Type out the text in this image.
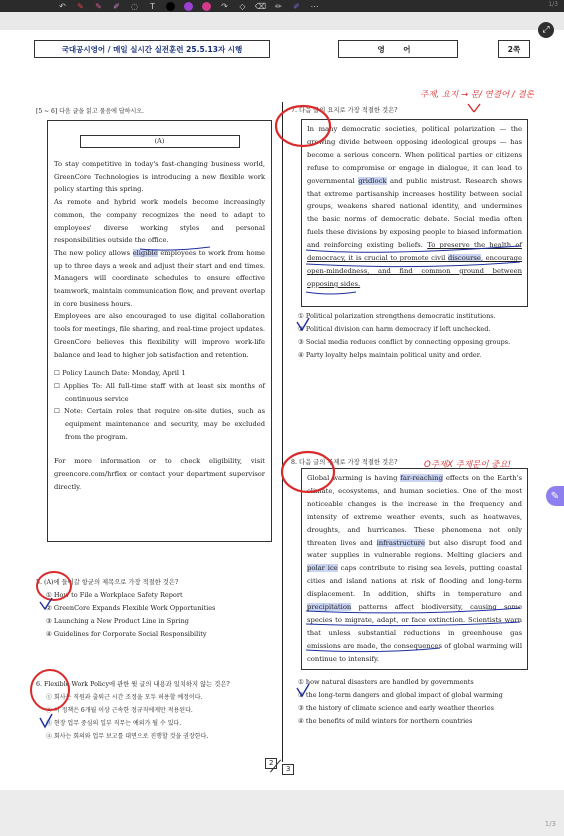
↶ ✎ ✎ ✐ ◌ T	↷ ◇ ⌫ ✏ ✐ ⋯	1/3
⤢
국대공시영어 / 매일 실시간 실전훈련 25.5.13자 시행	영 어	2쪽
[5 ~ 6] 다음 글을 읽고 물음에 답하시오.
(A)

To stay competitive in today's fast-changing business world, GreenCore Technologies is introducing a new flexible work policy starting this spring.

As remote and hybrid work models become increasingly common, the company recognizes the need to adapt to employees' diverse working styles and personal responsibilities outside the office.

The new policy allows eligible employees to work from home up to three days a week and adjust their start and end times. Managers will coordinate schedules to ensure effective teamwork, maintain communication flow, and prevent overlap in core business hours.

Employees are also encouraged to use digital collaboration tools for meetings, file sharing, and real-time project updates. GreenCore believes this flexibility will improve work-life balance and lead to higher job satisfaction and retention.

☐ Policy Launch Date: Monday, April 1
☐ Applies To: All full-time staff with at least six months of continuous service
☐ Note: Certain roles that require on-site duties, such as equipment maintenance and security, may be excluded from the program.

For more information or to check eligibility, visit greencore.com/hrflex or contact your department supervisor directly.

5. (A)에 들어갈 항균의 제목으로 가장 적절한 것은?
① How to File a Workplace Safety Report
② GreenCore Expands Flexible Work Opportunities
③ Launching a New Product Line in Spring
④ Guidelines for Corporate Social Responsibility
6. Flexible Work Policy에 관한 윗 글의 내용과 일치하지 않는 것은?
① 회사는 직원과 출퇴근 시간 조정을 모두 허용할 예정이다.
② 이 정책은 6개월 이상 근속한 정규직에게만 적용된다.
③ 현장 업무 중심의 일부 직무는 예외가 될 수 있다.
④ 회사는 회의와 업무 보고를 대면으로 진행할 것을 권장한다.
7. 다음 글의 요지로 가장 적절한 것은?
In many democratic societies, political polarization — the growing divide between opposing ideological groups — has become a serious concern. When political parties or citizens refuse to compromise or engage in dialogue, it can lead to governmental gridlock and public mistrust. Research shows that extreme partisanship increases hostility between social groups, weakens shared national identity, and undermines the basic norms of democratic debate. Social media often fuels these divisions by exposing people to biased information and reinforcing existing beliefs. To preserve the health of democracy, it is crucial to promote civil discourse, encourage open-mindedness, and find common ground between opposing sides.
① Political polarization strengthens democratic institutions.
② Political division can harm democracy if left unchecked.
③ Social media reduces conflict by connecting opposing groups.
④ Party loyalty helps maintain political unity and order.
8. 다음 글의 주제로 가장 적절한 것은?
Global warming is having far-reaching effects on the Earth's climate, ecosystems, and human societies. One of the most noticeable changes is the increase in the frequency and intensity of extreme weather events, such as heatwaves, droughts, and hurricanes. These phenomena not only threaten lives and infrastructure but also disrupt food and water supplies in vulnerable regions. Melting glaciers and polar ice caps contribute to rising sea levels, putting coastal cities and island nations at risk of flooding and long-term displacement. In addition, shifts in temperature and precipitation patterns affect biodiversity, causing some species to migrate, adapt, or face extinction. Scientists warn that unless substantial reductions in greenhouse gas emissions are made, the consequences of global warming will continue to intensify.
① how natural disasters are handled by governments
② the long-term dangers and global impact of global warming
③ the history of climate science and early weather theories
④ the benefits of mild winters for northern countries
2
3
주제, 요지 → 문/ 연결어 / 결론
O주제X 주제문이 중요!
✎
1/3
